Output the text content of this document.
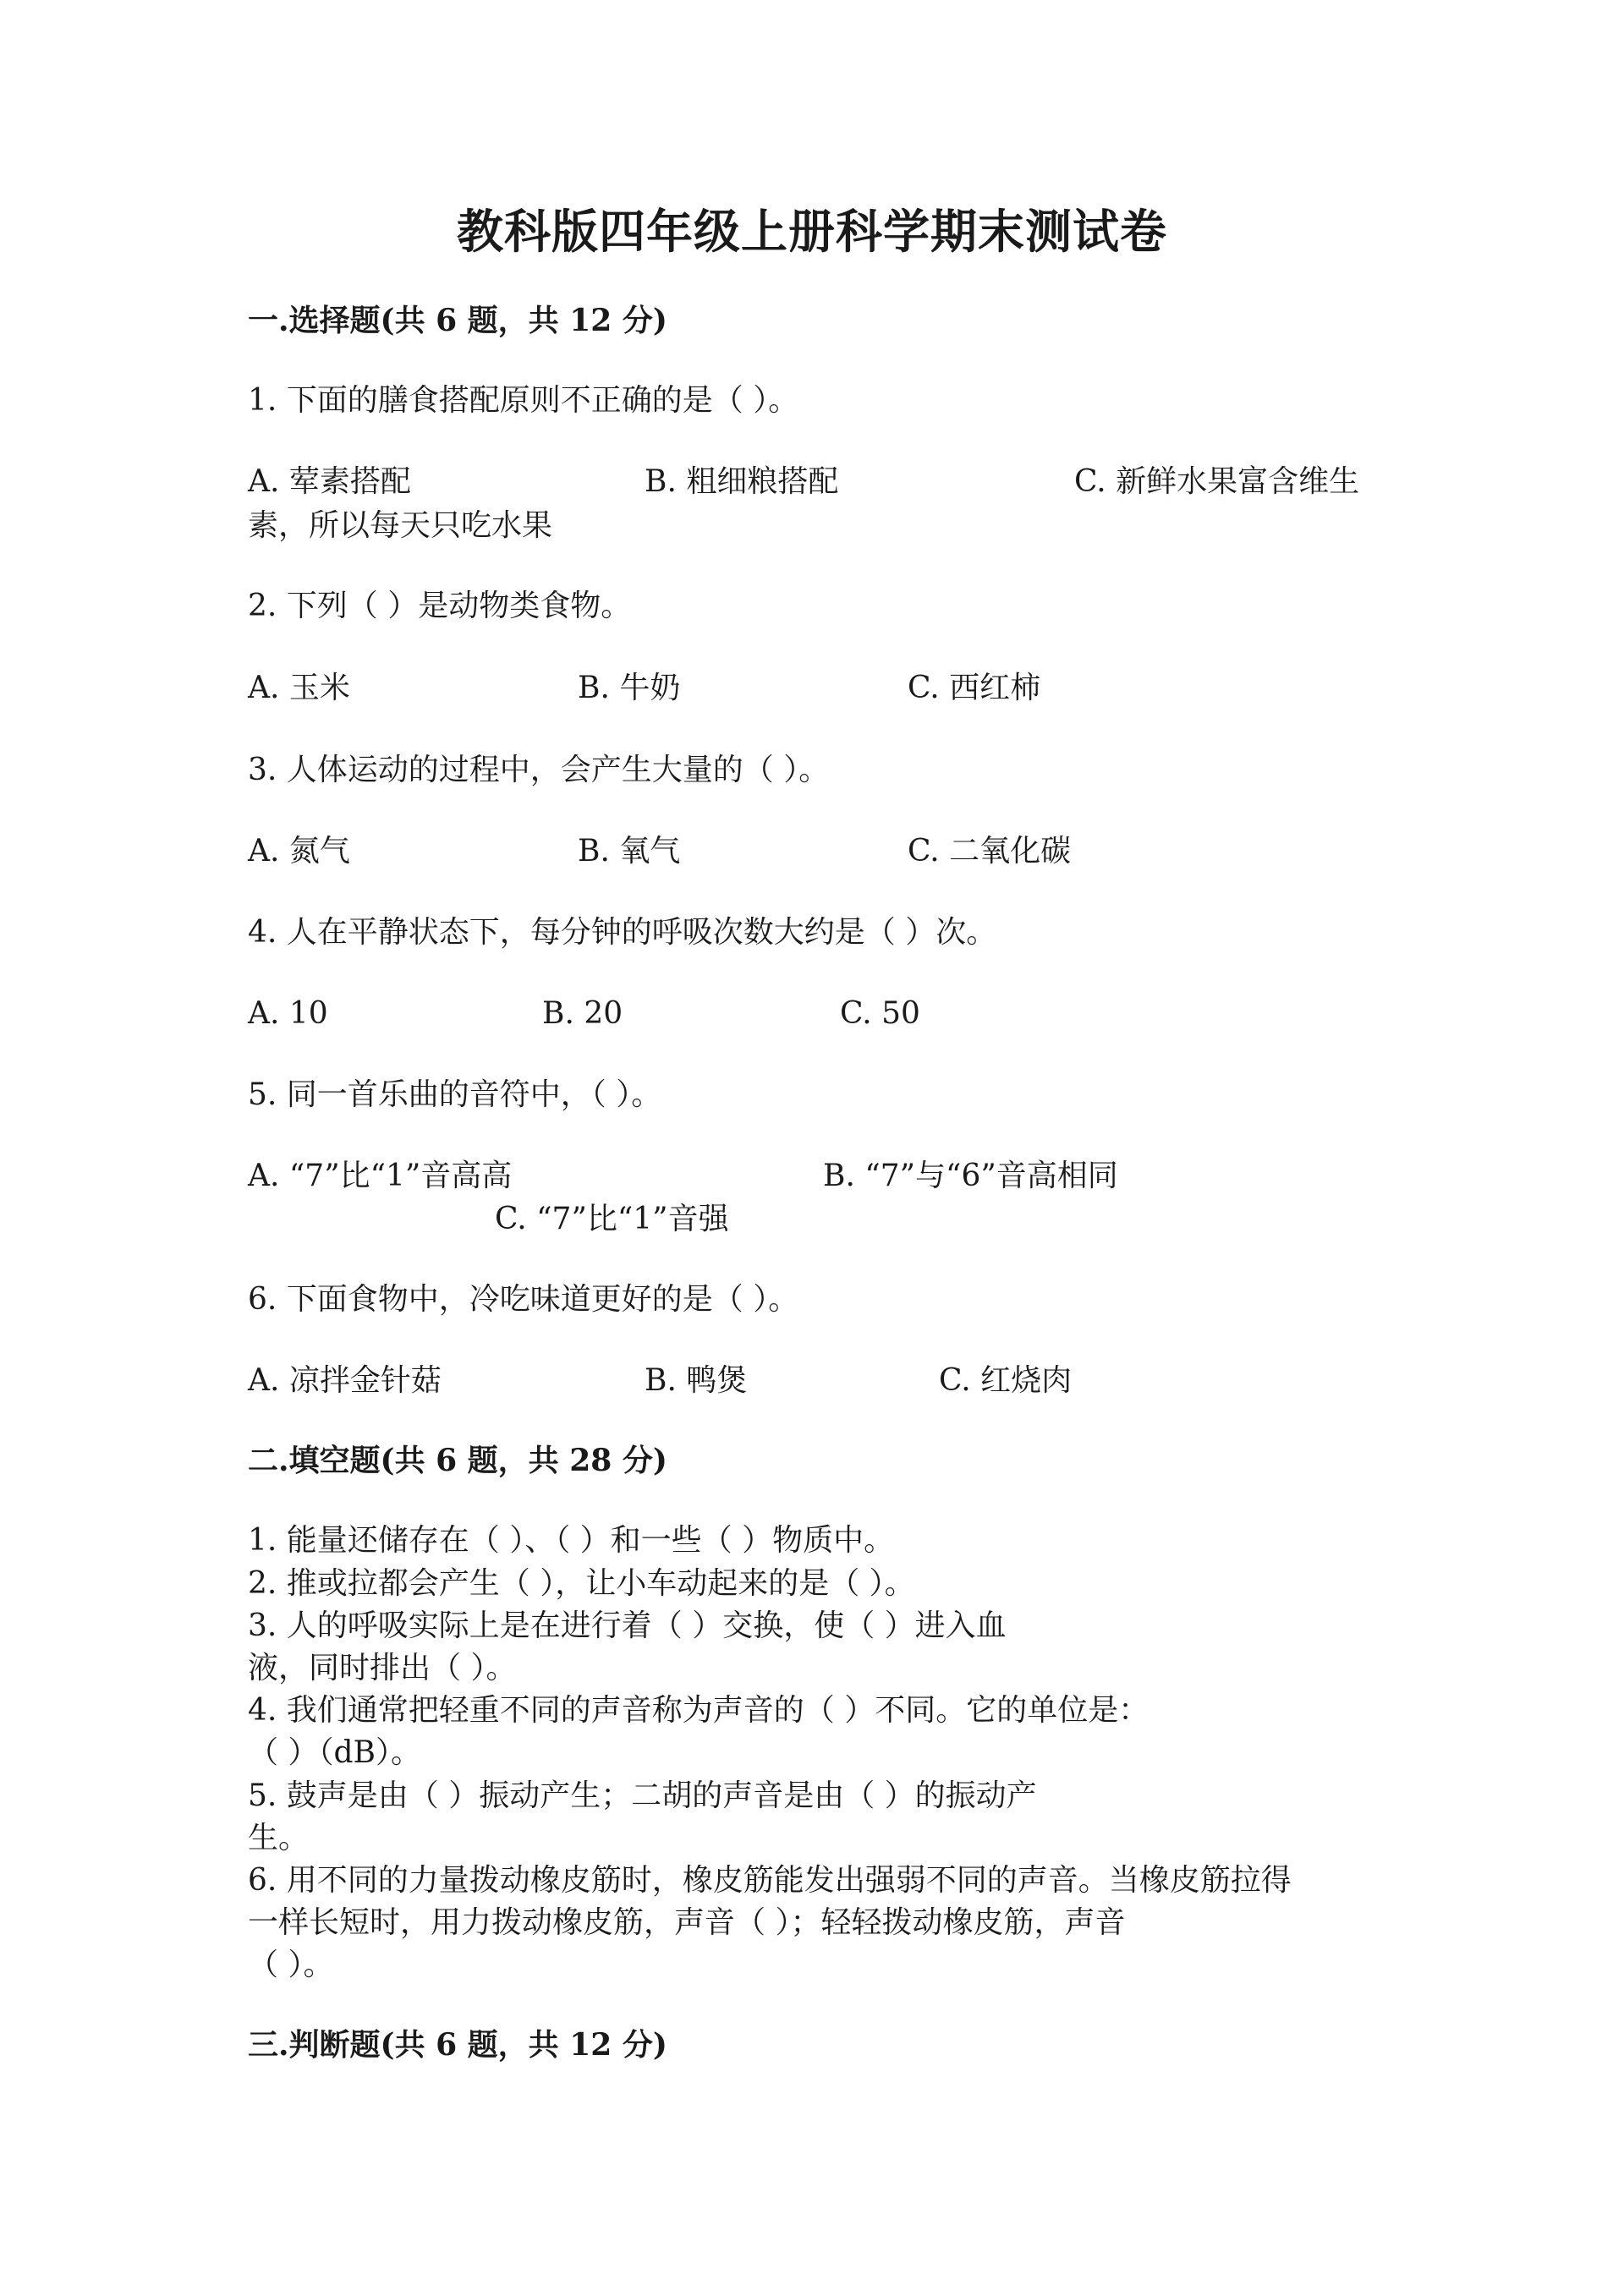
教科版四年级上册科学期末测试卷
一.选择题(共 6 题，共 12 分)
1. 下面的膳食搭配原则不正确的是（ ）。
A. 荤素搭配	B. 粗细粮搭配	C. 新鲜水果富含维生
素，所以每天只吃水果
2. 下列（ ）是动物类食物。
A. 玉米	B. 牛奶	C. 西红柿
3. 人体运动的过程中，会产生大量的（ ）。
A. 氮气	B. 氧气	C. 二氧化碳
4. 人在平静状态下，每分钟的呼吸次数大约是（ ）次。
A. 10	B. 20	C. 50
5. 同一首乐曲的音符中，（ ）。
A. “7”比“1”音高高	B. “7”与“6”音高相同
C. “7”比“1”音强
6. 下面食物中，冷吃味道更好的是（ ）。
A. 凉拌金针菇	B. 鸭煲	C. 红烧肉
二.填空题(共 6 题，共 28 分)
1. 能量还储存在（ ）、（ ）和一些（ ）物质中。
2. 推或拉都会产生（ ），让小车动起来的是（ ）。
3. 人的呼吸实际上是在进行着（ ）交换，使（ ）进入血
液，同时排出（ ）。
4. 我们通常把轻重不同的声音称为声音的（ ）不同。它的单位是：
（ ）（dB）。
5. 鼓声是由（ ）振动产生；二胡的声音是由（ ）的振动产
生。
6. 用不同的力量拨动橡皮筋时，橡皮筋能发出强弱不同的声音。当橡皮筋拉得
一样长短时，用力拨动橡皮筋，声音（ ）；轻轻拨动橡皮筋，声音
（ ）。
三.判断题(共 6 题，共 12 分)
